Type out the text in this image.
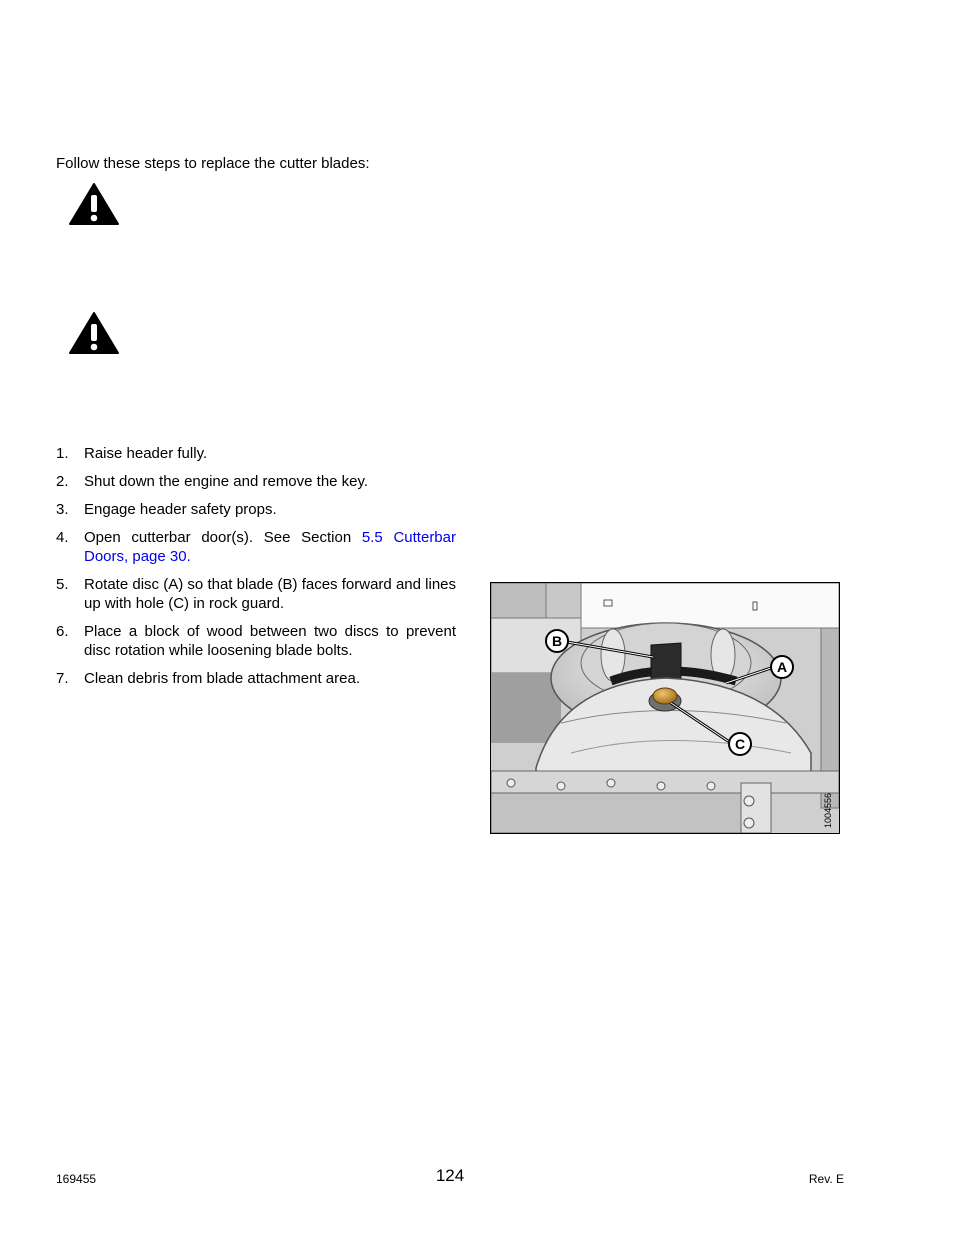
Follow these steps to replace the cutter blades:
1. Raise header fully.
2. Shut down the engine and remove the key.
3. Engage header safety props.
4. Open cutterbar door(s). See Section 5.5 Cutterbar Doors, page 30.
5. Rotate disc (A) so that blade (B) faces forward and lines up with hole (C) in rock guard.
6. Place a block of wood between two discs to prevent disc rotation while loosening blade bolts.
7. Clean debris from blade attachment area.
B
A
C
1004556
169455	124	Rev. E
